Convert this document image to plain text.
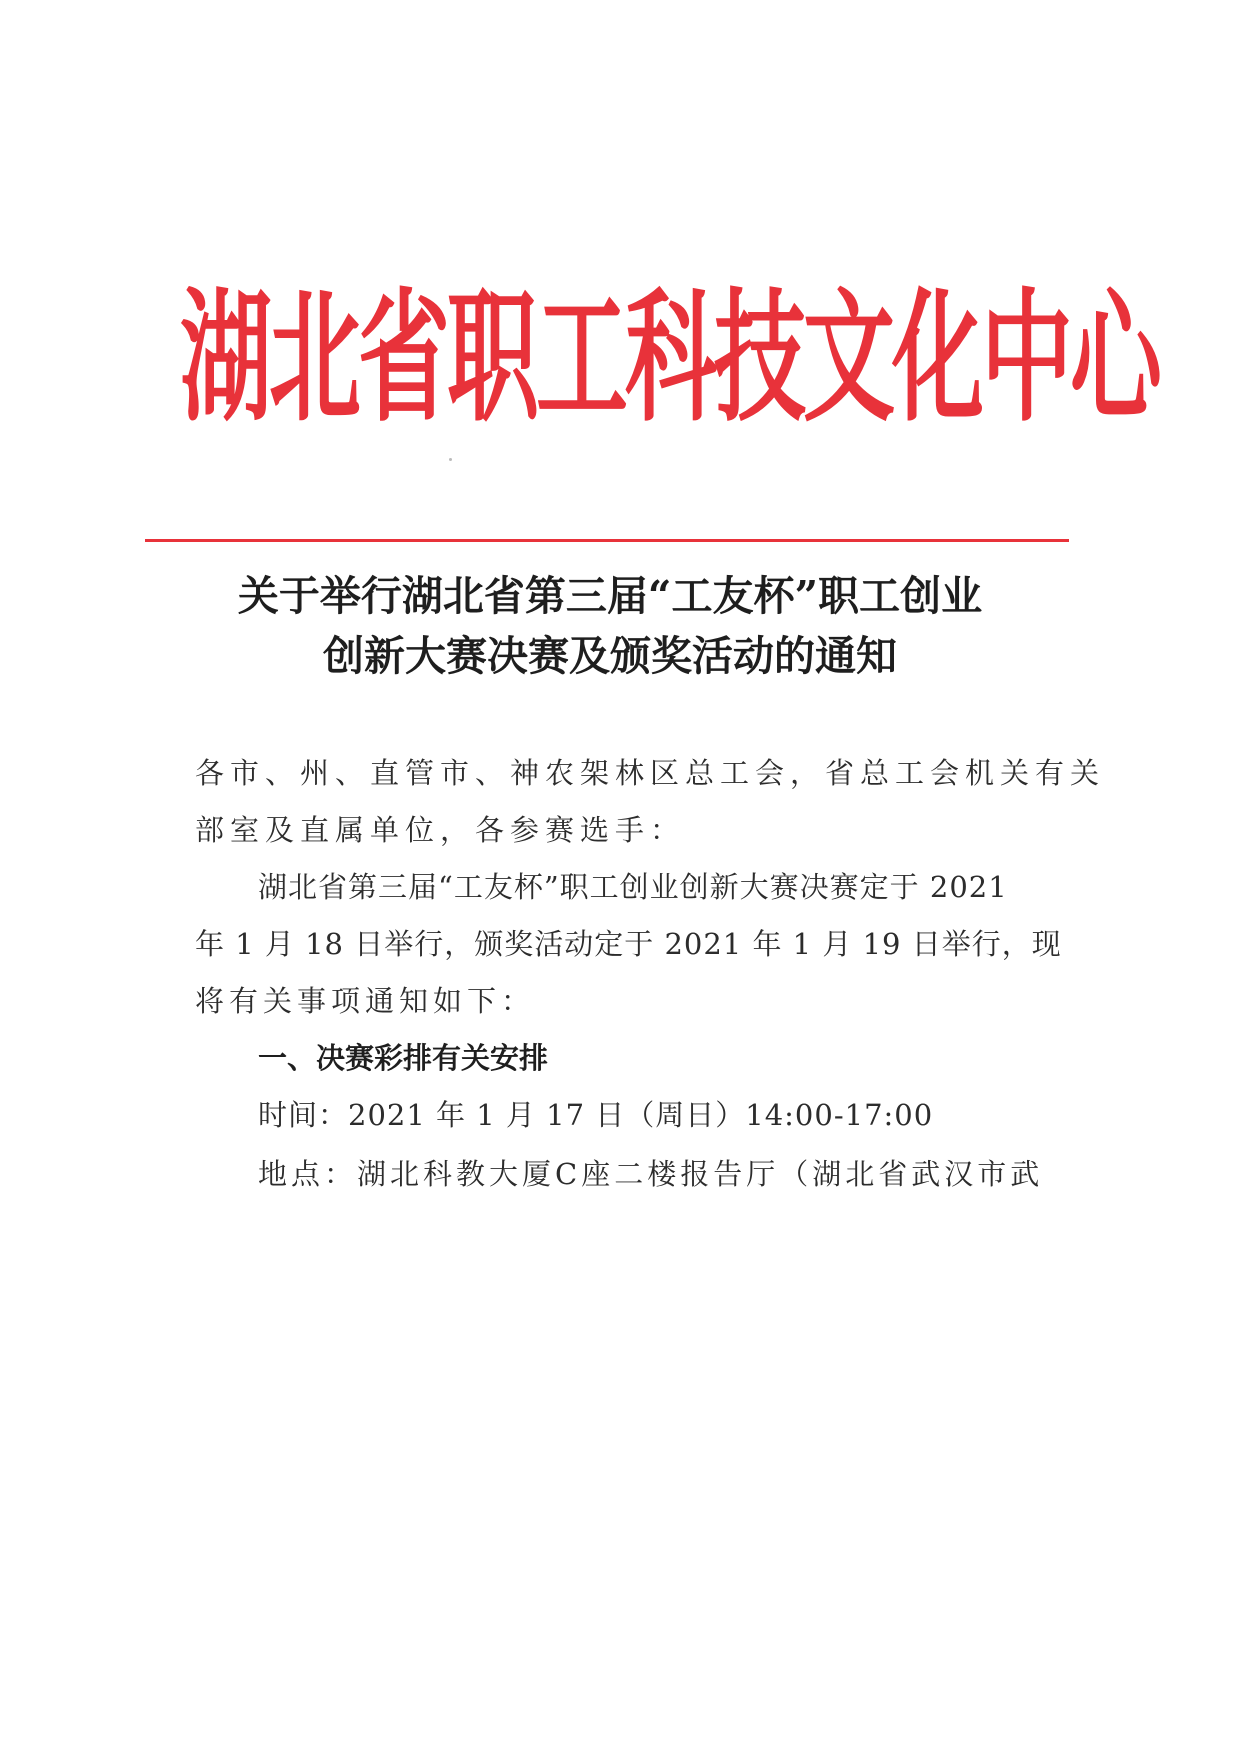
湖北省职工科技文化中心
关于举行湖北省第三届“工友杯”职工创业
创新大赛决赛及颁奖活动的通知
各市、州、直管市、神农架林区总工会，省总工会机关有关
部室及直属单位，各参赛选手：
湖北省第三届“工友杯”职工创业创新大赛决赛定于 2021
年 1 月 18 日举行，颁奖活动定于 2021 年 1 月 19 日举行，现
将有关事项通知如下：
一、决赛彩排有关安排
时间：2021 年 1 月 17 日（周日）14:00-17:00
地点：湖北科教大厦C座二楼报告厅（湖北省武汉市武
